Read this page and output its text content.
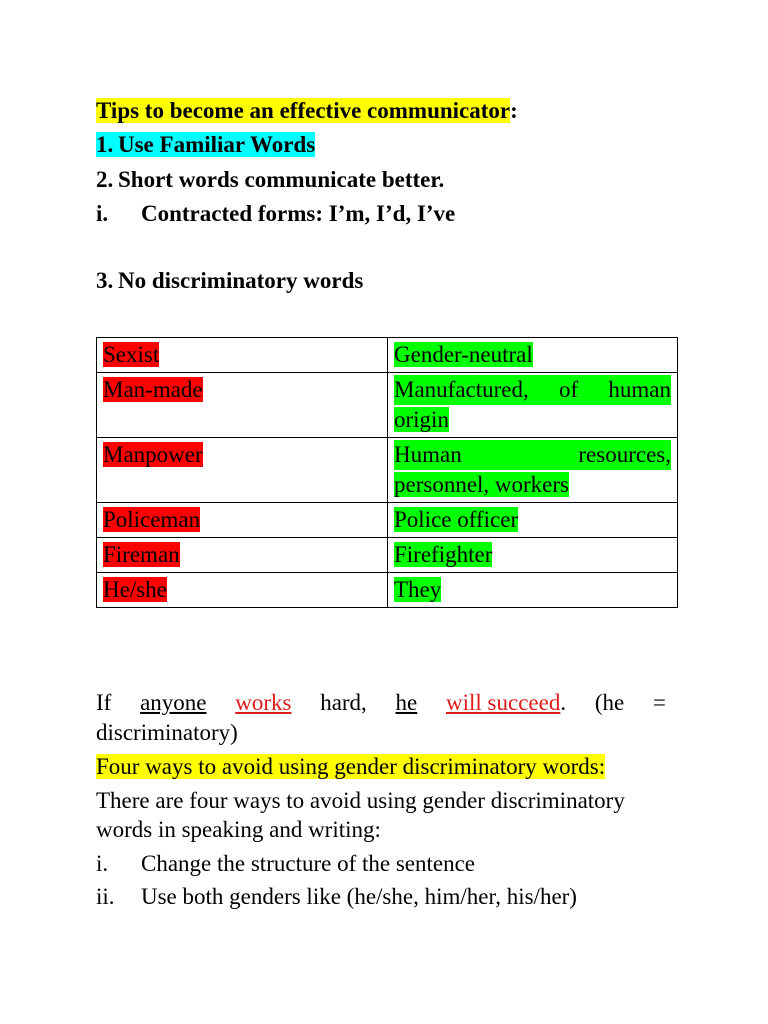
Tips to become an effective communicator:
1. Use Familiar Words
2. Short words communicate better.
i. Contracted forms: I’m, I’d, I’ve
3. No discriminatory words
Sexist	Gender-neutral
Man-made	Manufactured, of human
origin
Manpower	Human resources,
personnel, workers
Policeman	Police officer
Fireman	Firefighter
He/she	They
If anyone works hard, he will succeed. (he =
discriminatory)
Four ways to avoid using gender discriminatory words:
There are four ways to avoid using gender discriminatory
words in speaking and writing:
i. Change the structure of the sentence
ii. Use both genders like (he/she, him/her, his/her)
